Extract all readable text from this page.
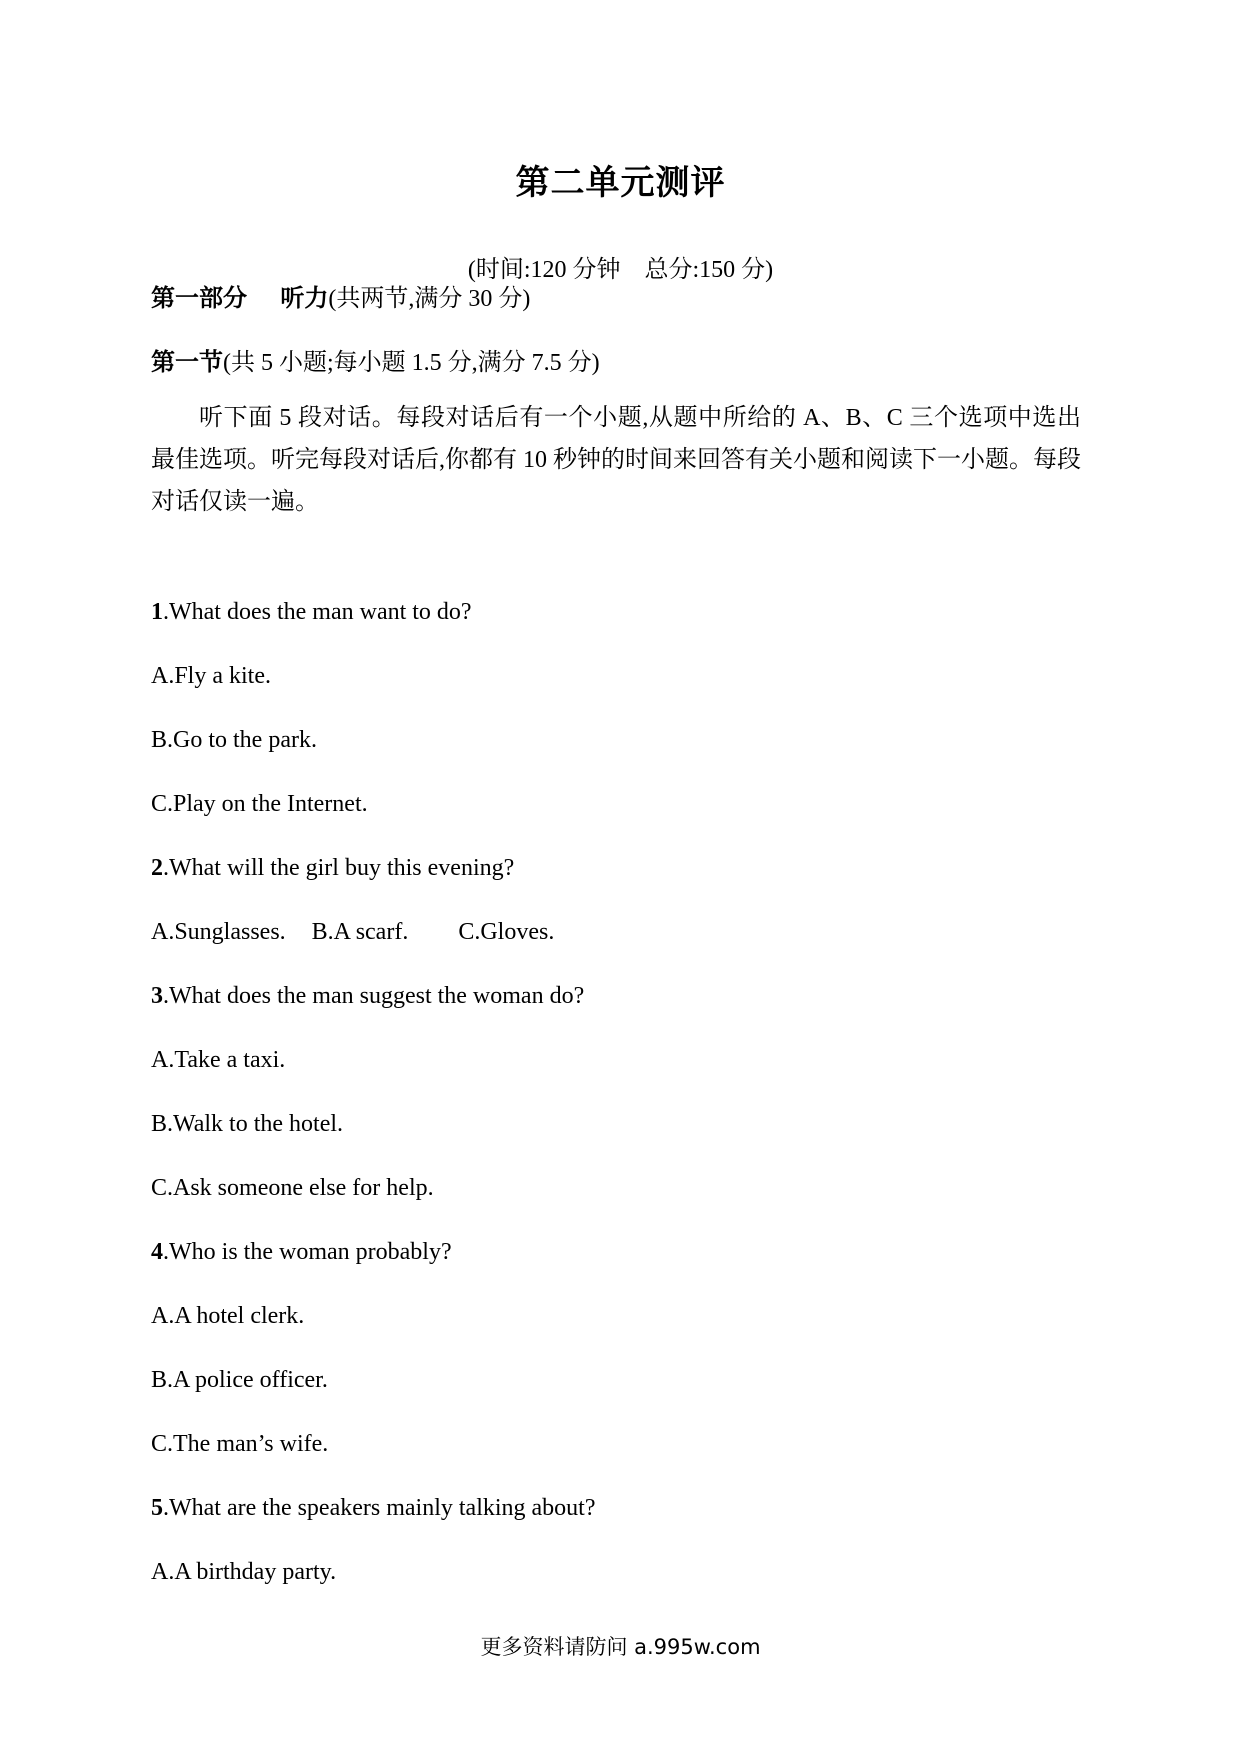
第二单元测评
(时间:120 分钟    总分:150 分)
第一部分    听力(共两节,满分 30 分)
第一节(共 5 小题;每小题 1.5 分,满分 7.5 分)
听下面 5 段对话。每段对话后有一个小题,从题中所给的 A、B、C 三个选项中选出最佳选项。听完每段对话后,你都有 10 秒钟的时间来回答有关小题和阅读下一小题。每段对话仅读一遍。
1.What does the man want to do?
A.Fly a kite.
B.Go to the park.
C.Play on the Internet.
2.What will the girl buy this evening?
A.Sunglasses. B.A scarf. C.Gloves.
3.What does the man suggest the woman do?
A.Take a taxi.
B.Walk to the hotel.
C.Ask someone else for help.
4.Who is the woman probably?
A.A hotel clerk.
B.A police officer.
C.The man’s wife.
5.What are the speakers mainly talking about?
A.A birthday party.
更多资料请防问 a.995w.com
